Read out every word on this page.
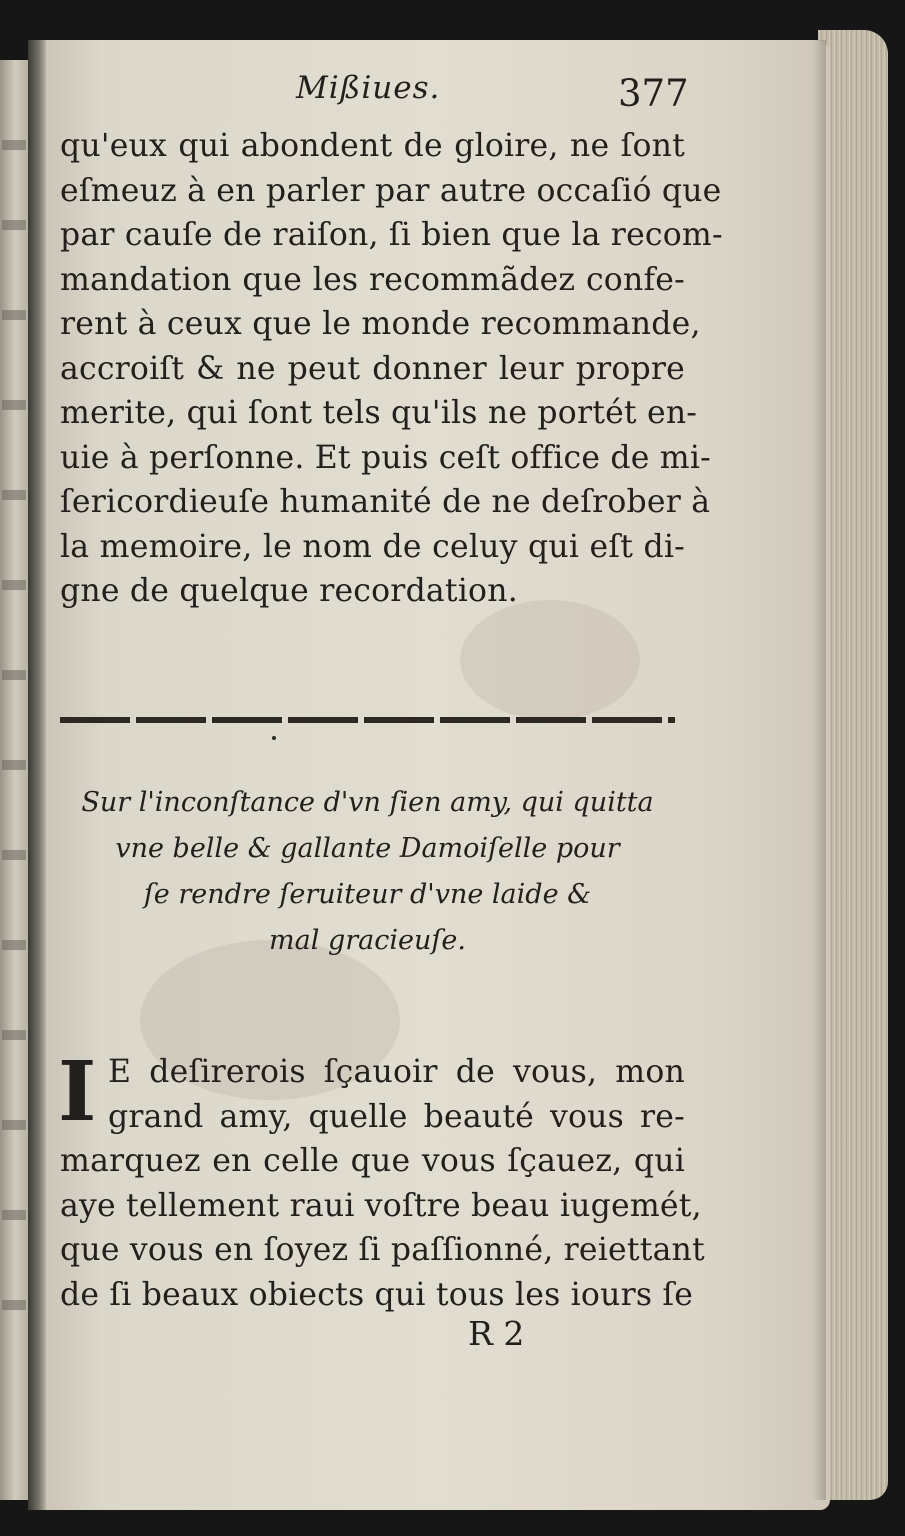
Mißiues.	377
qu'eux qui abondent de gloire, ne ſont
eſmeuz à en parler par autre occaſió que
par cauſe de raiſon, ſi bien que la recom-
mandation que les recommãdez confe-
rent à ceux que le monde recommande,
accroiſt & ne peut donner leur propre
merite, qui ſont tels qu'ils ne portét en-
uie à perſonne. Et puis ceſt office de mi-
ſericordieuſe humanité de ne deſrober à
la memoire, le nom de celuy qui eſt di-
gne de quelque recordation.
Sur l'inconſtance d'vn ſien amy, qui quitta
vne belle & gallante Damoiſelle pour
ſe rendre ſeruiteur d'vne laide &
mal gracieuſe.
I E deſirerois ſçauoir de vous, mon
grand amy, quelle beauté vous re-
marquez en celle que vous ſçauez, qui
aye tellement raui voſtre beau iugemét,
que vous en ſoyez ſi paſſionné, reiettant
de ſi beaux obiects qui tous les iours ſe
R 2
